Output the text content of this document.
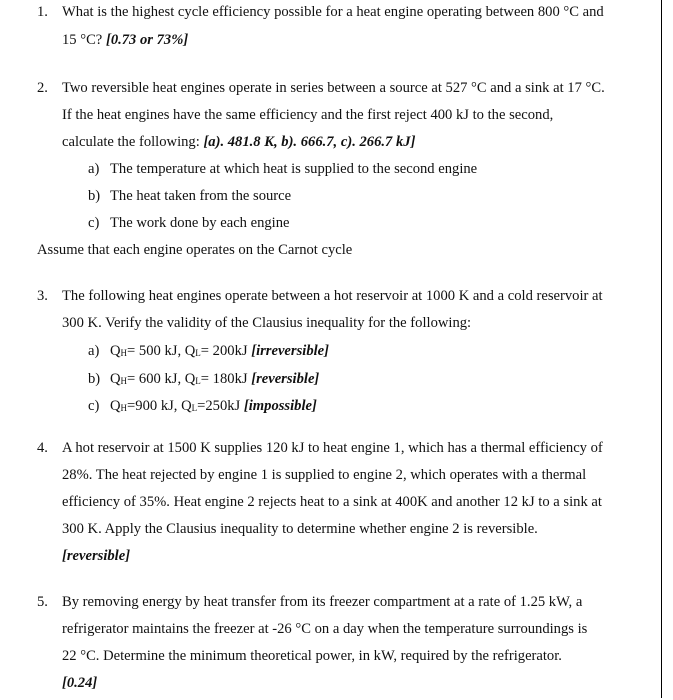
1. What is the highest cycle efficiency possible for a heat engine operating between 800 °C and
15 °C? [0.73 or 73%]
2. Two reversible heat engines operate in series between a source at 527 °C and a sink at 17 °C.
If the heat engines have the same efficiency and the first reject 400 kJ to the second,
calculate the following: [a). 481.8 K, b). 666.7, c). 266.7 kJ]
a) The temperature at which heat is supplied to the second engine
b) The heat taken from the source
c) The work done by each engine
Assume that each engine operates on the Carnot cycle
3. The following heat engines operate between a hot reservoir at 1000 K and a cold reservoir at
300 K. Verify the validity of the Clausius inequality for the following:
a) QH= 500 kJ, QL= 200kJ [irreversible]
b) QH= 600 kJ, QL= 180kJ [reversible]
c) QH=900 kJ, QL=250kJ [impossible]
4. A hot reservoir at 1500 K supplies 120 kJ to heat engine 1, which has a thermal efficiency of
28%. The heat rejected by engine 1 is supplied to engine 2, which operates with a thermal
efficiency of 35%. Heat engine 2 rejects heat to a sink at 400K and another 12 kJ to a sink at
300 K. Apply the Clausius inequality to determine whether engine 2 is reversible.
[reversible]
5. By removing energy by heat transfer from its freezer compartment at a rate of 1.25 kW, a
refrigerator maintains the freezer at -26 °C on a day when the temperature surroundings is
22 °C. Determine the minimum theoretical power, in kW, required by the refrigerator.
[0.24]
